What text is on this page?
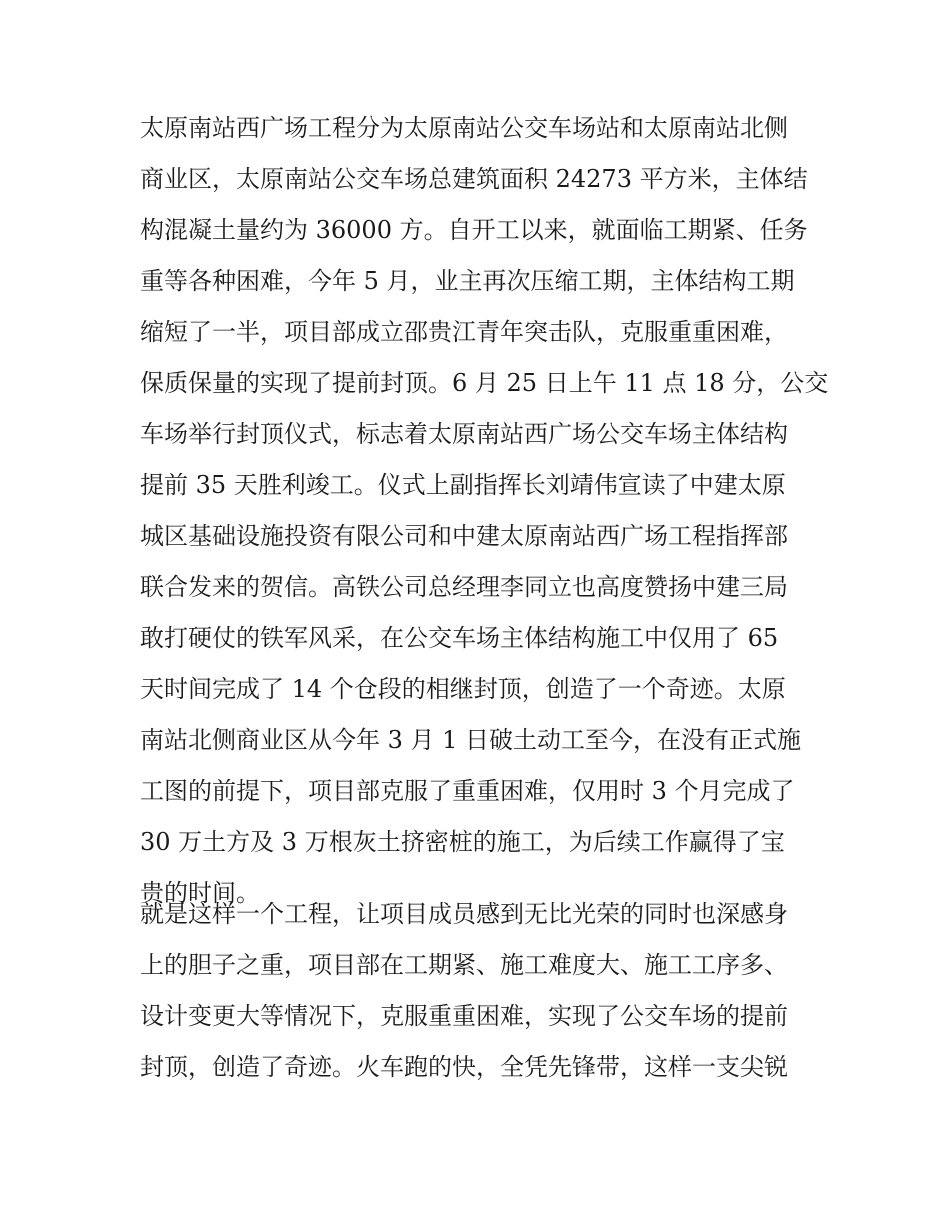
太原南站西广场工程分为太原南站公交车场站和太原南站北侧
商业区，太原南站公交车场总建筑面积 24273 平方米，主体结
构混凝土量约为 36000 方。自开工以来，就面临工期紧、任务
重等各种困难，今年 5 月，业主再次压缩工期，主体结构工期
缩短了一半，项目部成立邵贵江青年突击队，克服重重困难，
保质保量的实现了提前封顶。6 月 25 日上午 11 点 18 分，公交
车场举行封顶仪式，标志着太原南站西广场公交车场主体结构
提前 35 天胜利竣工。仪式上副指挥长刘靖伟宣读了中建太原
城区基础设施投资有限公司和中建太原南站西广场工程指挥部
联合发来的贺信。高铁公司总经理李同立也高度赞扬中建三局
敢打硬仗的铁军风采，在公交车场主体结构施工中仅用了 65
天时间完成了 14 个仓段的相继封顶，创造了一个奇迹。太原
南站北侧商业区从今年 3 月 1 日破土动工至今，在没有正式施
工图的前提下，项目部克服了重重困难，仅用时 3 个月完成了
30 万土方及 3 万根灰土挤密桩的施工，为后续工作赢得了宝
贵的时间。
就是这样一个工程，让项目成员感到无比光荣的同时也深感身
上的胆子之重，项目部在工期紧、施工难度大、施工工序多、
设计变更大等情况下，克服重重困难，实现了公交车场的提前
封顶，创造了奇迹。火车跑的快，全凭先锋带，这样一支尖锐
